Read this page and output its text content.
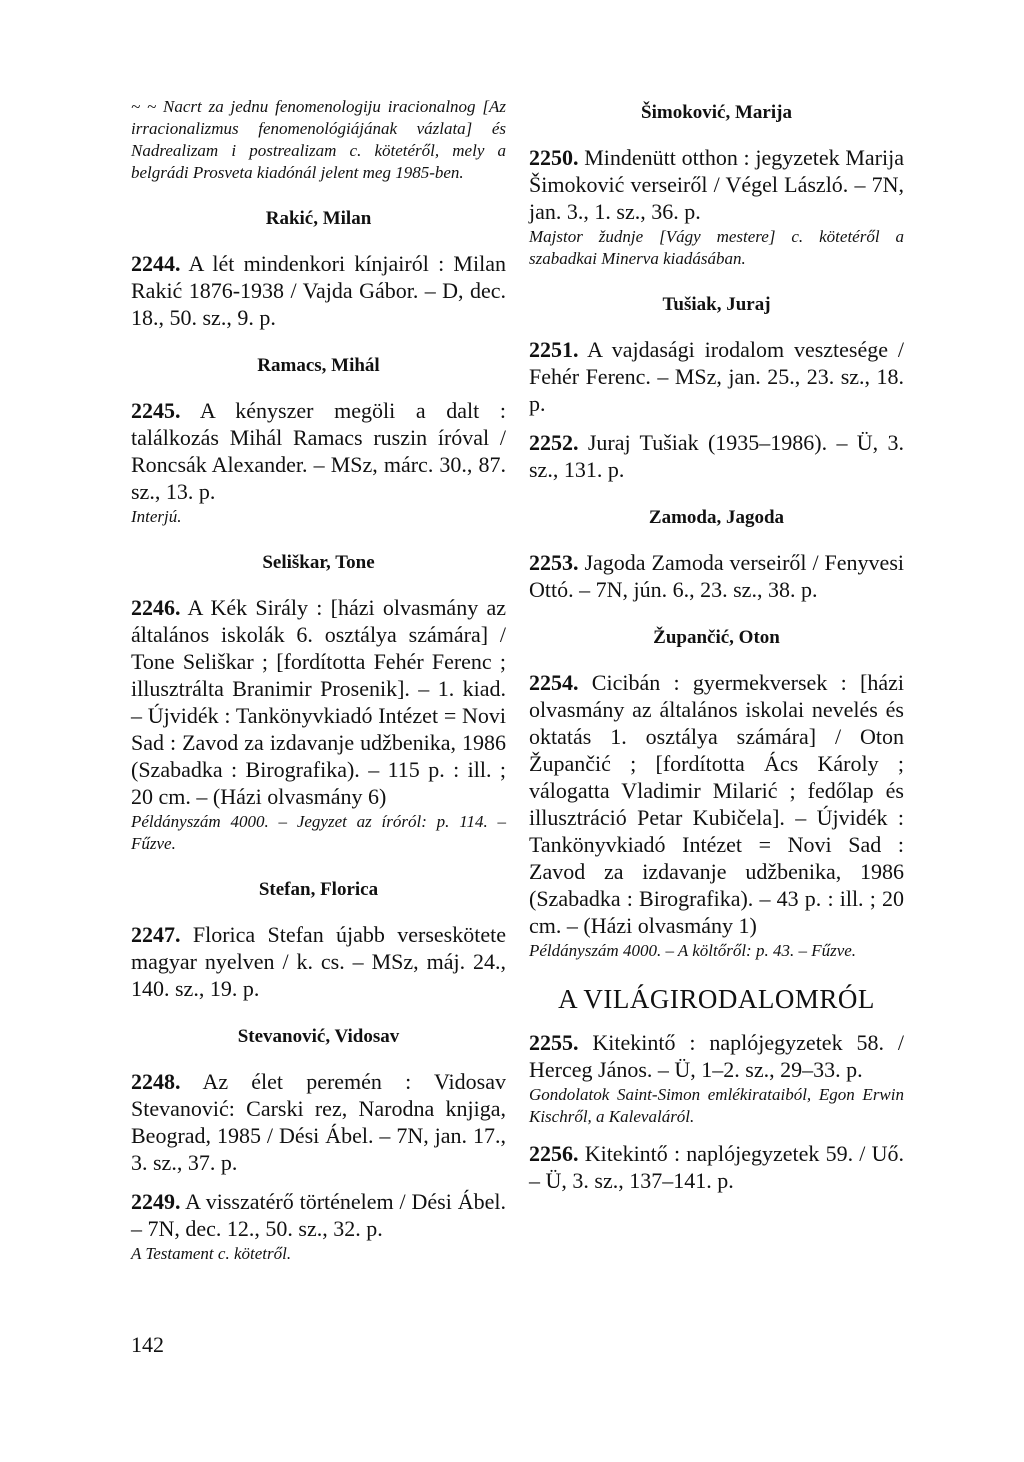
~ ~ Nacrt za jednu fenomenologiju iracionalnog [Az irracionalizmus fenomenológiájának vázlata] és Nadrealizam i postrealizam c. kötetéről, mely a belgrádi Prosveta kiadónál jelent meg 1985-ben.
Rakić, Milan
2244. A lét mindenkori kínjairól : Milan Rakić 1876-1938 / Vajda Gábor. – D, dec. 18., 50. sz., 9. p.
Ramacs, Mihál
2245. A kényszer megöli a dalt : találkozás Mihál Ramacs ruszin íróval / Roncsák Alexander. – MSz, márc. 30., 87. sz., 13. p.
Interjú.
Seliškar, Tone
2246. A Kék Sirály : [házi olvasmány az általános iskolák 6. osztálya számára] / Tone Seliškar ; [fordította Fehér Ferenc ; illusztrálta Branimir Prosenik]. – 1. kiad. – Újvidék : Tankönyvkiadó Intézet = Novi Sad : Zavod za izdavanje udžbenika, 1986 (Szabadka : Birografika). – 115 p. : ill. ; 20 cm. – (Házi olvasmány 6)
Példányszám 4000. – Jegyzet az íróról: p. 114. – Fűzve.
Stefan, Florica
2247. Florica Stefan újabb verseskötete magyar nyelven / k. cs. – MSz, máj. 24., 140. sz., 19. p.
Stevanović, Vidosav
2248. Az élet peremén : Vidosav Stevanović: Carski rez, Narodna knjiga, Beograd, 1985 / Dési Ábel. – 7N, jan. 17., 3. sz., 37. p.
2249. A visszatérő történelem / Dési Ábel. – 7N, dec. 12., 50. sz., 32. p.
A Testament c. kötetről.
Šimoković, Marija
2250. Mindenütt otthon : jegyzetek Marija Šimoković verseiről / Végel László. – 7N, jan. 3., 1. sz., 36. p.
Majstor žudnje [Vágy mestere] c. kötetéről a szabadkai Minerva kiadásában.
Tušiak, Juraj
2251. A vajdasági irodalom vesztesége / Fehér Ferenc. – MSz, jan. 25., 23. sz., 18. p.
2252. Juraj Tušiak (1935–1986). – Ü, 3. sz., 131. p.
Zamoda, Jagoda
2253. Jagoda Zamoda verseiről / Fenyvesi Ottó. – 7N, jún. 6., 23. sz., 38. p.
Župančić, Oton
2254. Cicibán : gyermekversek : [házi olvasmány az általános iskolai nevelés és oktatás 1. osztálya számára] / Oton Župančić ; [fordította Ács Károly ; válogatta Vladimir Milarić ; fedőlap és illusztráció Petar Kubičela]. – Újvidék : Tankönyvkiadó Intézet = Novi Sad : Zavod za izdavanje udžbenika, 1986 (Szabadka : Birografika). – 43 p. : ill. ; 20 cm. – (Házi olvasmány 1)
Példányszám 4000. – A költőről: p. 43. – Fűzve.
A VILÁGIRODALOMRÓL
2255. Kitekintő : naplójegyzetek 58. / Herceg János. – Ü, 1–2. sz., 29–33. p.
Gondolatok Saint-Simon emlékirataiból, Egon Erwin Kischről, a Kalevaláról.
2256. Kitekintő : naplójegyzetek 59. / Uő. – Ü, 3. sz., 137–141. p.
142
